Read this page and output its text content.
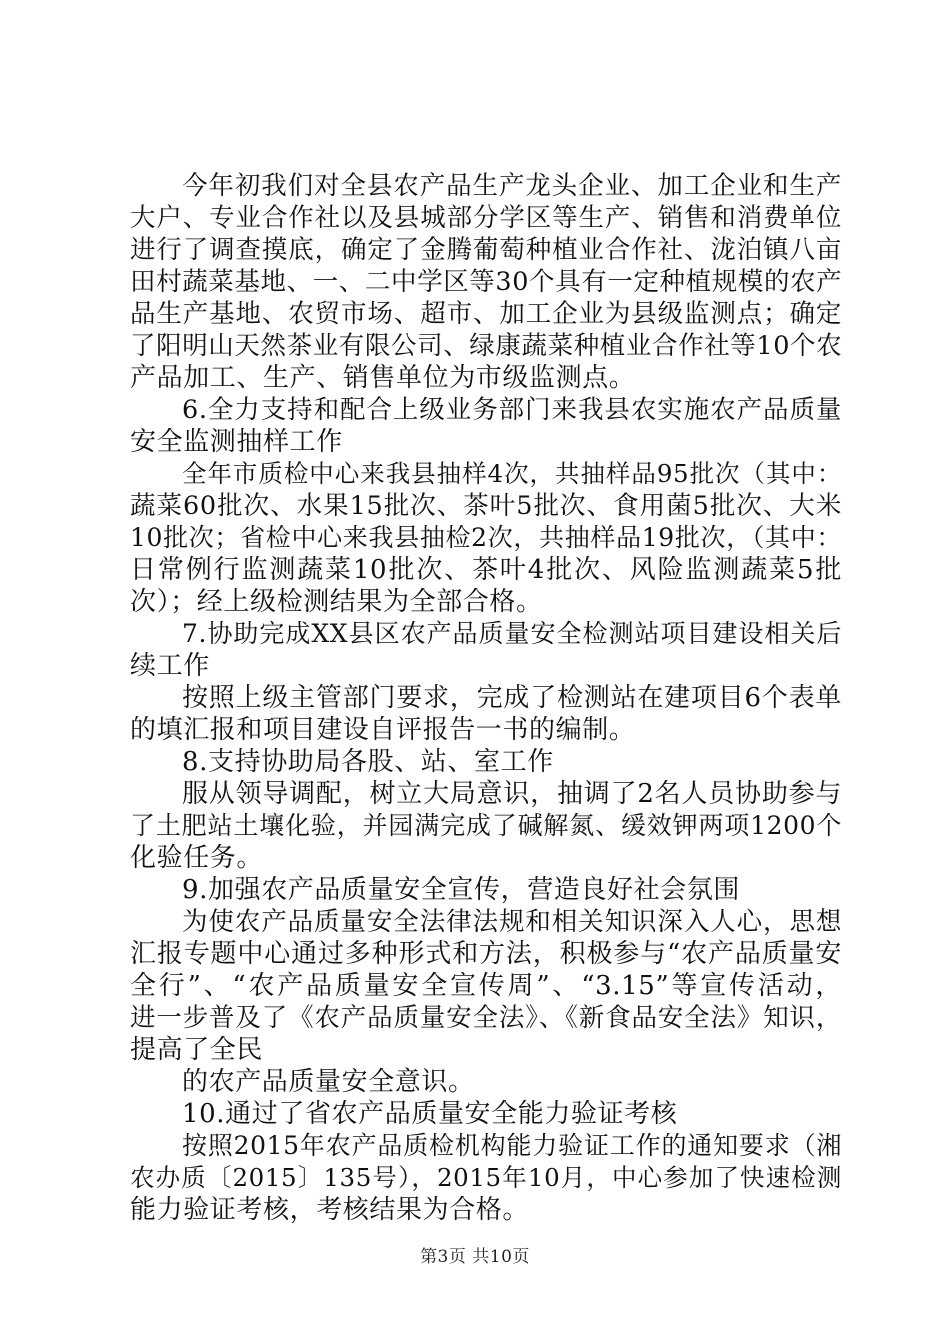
今年初我们对全县农产品生产龙头企业、加工企业和生产
大户、专业合作社以及县城部分学区等生产、销售和消费单位
进行了调查摸底，确定了金腾葡萄种植业合作社、泷泊镇八亩
田村蔬菜基地、一、二中学区等30个具有一定种植规模的农产
品生产基地、农贸市场、超市、加工企业为县级监测点；确定
了阳明山天然茶业有限公司、绿康蔬菜种植业合作社等10个农
产品加工、生产、销售单位为市级监测点。
6.全力支持和配合上级业务部门来我县农实施农产品质量
安全监测抽样工作
全年市质检中心来我县抽样4次，共抽样品95批次（其中：
蔬菜60批次、水果15批次、茶叶5批次、食用菌5批次、大米
10批次；省检中心来我县抽检2次，共抽样品19批次，（其中：
日常例行监测蔬菜10批次、茶叶4批次、风险监测蔬菜5批
次）；经上级检测结果为全部合格。
7.协助完成XX县区农产品质量安全检测站项目建设相关后
续工作
按照上级主管部门要求，完成了检测站在建项目6个表单
的填汇报和项目建设自评报告一书的编制。
8.支持协助局各股、站、室工作
服从领导调配，树立大局意识，抽调了2名人员协助参与
了土肥站土壤化验，并园满完成了碱解氮、缓效钾两项1200个
化验任务。
9.加强农产品质量安全宣传，营造良好社会氛围
为使农产品质量安全法律法规和相关知识深入人心，思想
汇报专题中心通过多种形式和方法，积极参与“农产品质量安
全行”、“农产品质量安全宣传周”、“3.15”等宣传活动，
进一步普及了《农产品质量安全法》、《新食品安全法》知识，
提高了全民
的农产品质量安全意识。
10.通过了省农产品质量安全能力验证考核
按照2015年农产品质检机构能力验证工作的通知要求（湘
农办质〔2015〕135号），2015年10月，中心参加了快速检测
能力验证考核，考核结果为合格。
第3页 共10页
